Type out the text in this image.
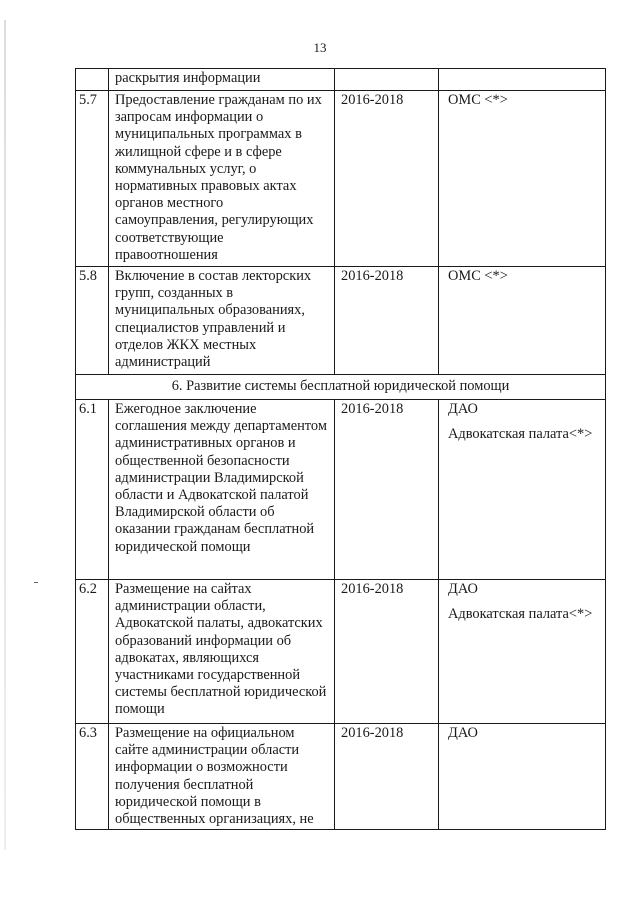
13
	раскрытия информации		
5.7	Предоставление гражданам по их запросам информации о муниципальных программах в жилищной сфере и в сфере коммунальных услуг, о нормативных правовых актах органов местного самоуправления, регулирующих соответствующие правоотношения	2016-2018	ОМС <*>

5.8	Включение в состав лекторских групп, созданных в муниципальных образованиях, специалистов управлений и отделов ЖКХ местных администраций	2016-2018	ОМС <*>

6. Развитие системы бесплатной юридической помощи			
6.1	Ежегодное заключение соглашения между департаментом административных органов и общественной безопасности администрации Владимирской области и Адвокатской палатой Владимирской области об оказании гражданам бесплатной юридической помощи	2016-2018	ДАО
Адвокатская палата<*>

6.2	Размещение на сайтах администрации области, Адвокатской палаты, адвокатских образований информации об адвокатах, являющихся участниками государственной системы бесплатной юридической помощи	2016-2018	ДАО
Адвокатская палата<*>

6.3	Размещение на официальном сайте администрации области информации о возможности получения бесплатной юридической помощи в общественных организациях, не	2016-2018	ДАО
